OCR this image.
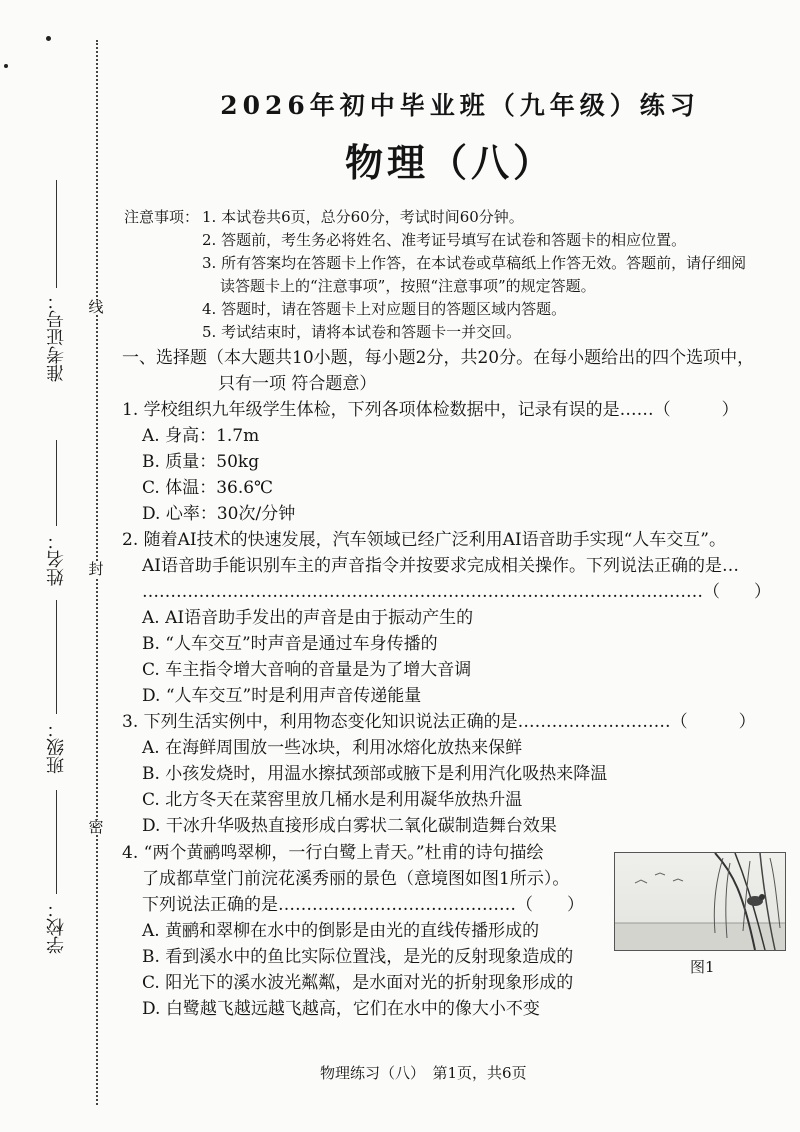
线
封
密
准考证号：
姓名：
班级：
学校：
2026年初中毕业班（九年级）练习
物理（八）
注意事项： 1. 本试卷共6页，总分60分，考试时间60分钟。
2. 答题前，考生务必将姓名、准考证号填写在试卷和答题卡的相应位置。
3. 所有答案均在答题卡上作答，在本试卷或草稿纸上作答无效。答题前，请仔细阅
读答题卡上的“注意事项”，按照“注意事项”的规定答题。
4. 答题时，请在答题卡上对应题目的答题区域内答题。
5. 考试结束时，请将本试卷和答题卡一并交回。
一、选择题（本大题共10小题，每小题2分，共20分。在每小题给出的四个选项中，
只有一项 符合题意）
1. 学校组织九年级学生体检，下列各项体检数据中，记录有误的是……（　　　）
A. 身高：1.7m
B. 质量：50kg
C. 体温：36.6℃
D. 心率：30次/分钟
2. 随着AI技术的快速发展，汽车领域已经广泛利用AI语音助手实现“人车交互”。
AI语音助手能识别车主的声音指令并按要求完成相关操作。下列说法正确的是…
………………………………………………………………………………………（　　）
A. AI语音助手发出的声音是由于振动产生的
B. “人车交互”时声音是通过车身传播的
C. 车主指令增大音响的音量是为了增大音调
D. “人车交互”时是利用声音传递能量
3. 下列生活实例中，利用物态变化知识说法正确的是………………………（　　　）
A. 在海鲜周围放一些冰块，利用冰熔化放热来保鲜
B. 小孩发烧时，用温水擦拭颈部或腋下是利用汽化吸热来降温
C. 北方冬天在菜窖里放几桶水是利用凝华放热升温
D. 干冰升华吸热直接形成白雾状二氧化碳制造舞台效果
4. “两个黄鹂鸣翠柳，一行白鹭上青天。”杜甫的诗句描绘
了成都草堂门前浣花溪秀丽的景色（意境图如图1所示）。
下列说法正确的是……………………………………（　　）
A. 黄鹂和翠柳在水中的倒影是由光的直线传播形成的
B. 看到溪水中的鱼比实际位置浅，是光的反射现象造成的
C. 阳光下的溪水波光粼粼，是水面对光的折射现象形成的
D. 白鹭越飞越远越飞越高，它们在水中的像大小不变
图1
物理练习（八）　第1页，共6页
